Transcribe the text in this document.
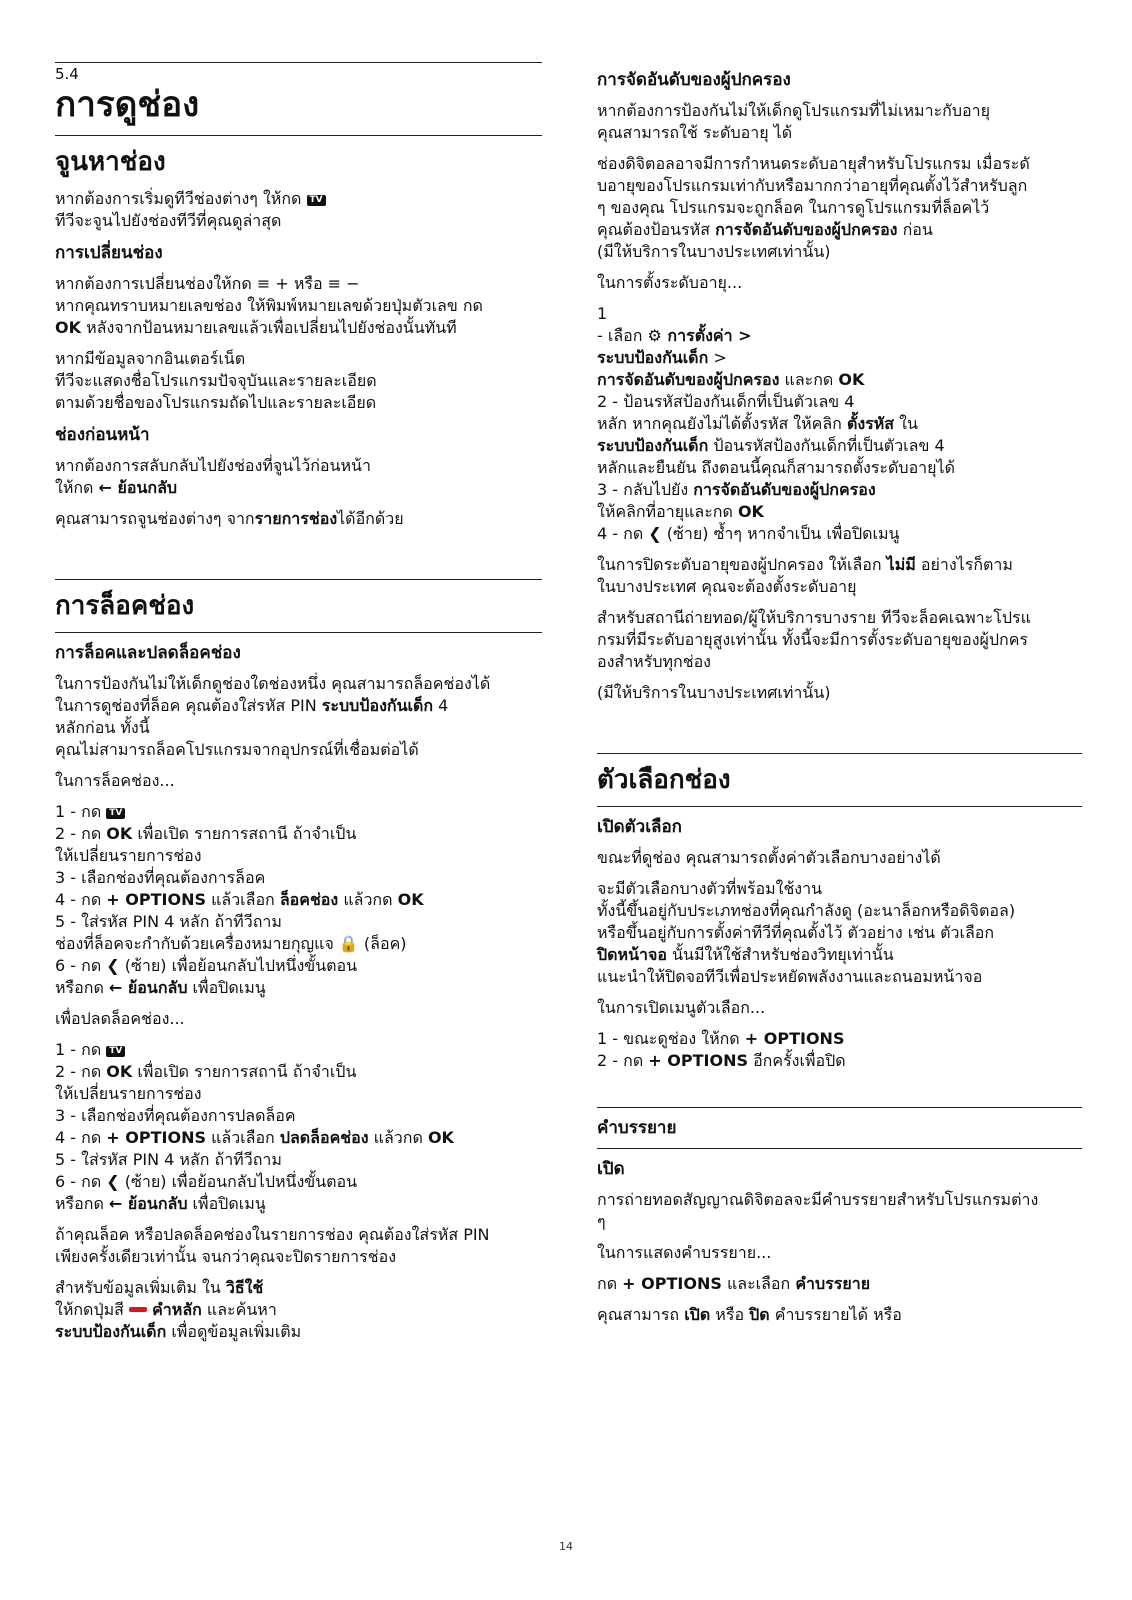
5.4
การดูช่อง
จูนหาช่อง
หากต้องการเริ่มดูทีวีช่องต่างๆ ให้กด TV
ทีวีจะจูนไปยังช่องทีวีที่คุณดูล่าสุด
การเปลี่ยนช่อง
หากต้องการเปลี่ยนช่องให้กด ≡ + หรือ ≡ −
หากคุณทราบหมายเลขช่อง ให้พิมพ์หมายเลขด้วยปุ่มตัวเลข กด
OK หลังจากป้อนหมายเลขแล้วเพื่อเปลี่ยนไปยังช่องนั้นทันที
หากมีข้อมูลจากอินเตอร์เน็ต
ทีวีจะแสดงชื่อโปรแกรมปัจจุบันและรายละเอียด
ตามด้วยชื่อของโปรแกรมถัดไปและรายละเอียด
ช่องก่อนหน้า
หากต้องการสลับกลับไปยังช่องที่จูนไว้ก่อนหน้า
ให้กด ← ย้อนกลับ
คุณสามารถจูนช่องต่างๆ จากรายการช่องได้อีกด้วย
การล็อคช่อง
การล็อคและปลดล็อคช่อง
ในการป้องกันไม่ให้เด็กดูช่องใดช่องหนึ่ง คุณสามารถล็อคช่องได้
ในการดูช่องที่ล็อค คุณต้องใส่รหัส PIN ระบบป้องกันเด็ก 4
หลักก่อน ทั้งนี้
คุณไม่สามารถล็อคโปรแกรมจากอุปกรณ์ที่เชื่อมต่อได้
ในการล็อคช่อง...
1 - กด TV
2 - กด OK เพื่อเปิด รายการสถานี ถ้าจำเป็น
ให้เปลี่ยนรายการช่อง
3 - เลือกช่องที่คุณต้องการล็อค
4 - กด + OPTIONS แล้วเลือก ล็อคช่อง แล้วกด OK
5 - ใส่รหัส PIN 4 หลัก ถ้าทีวีถาม
ช่องที่ล็อคจะกำกับด้วยเครื่องหมายกุญแจ 🔒 (ล็อค)
6 - กด ❮ (ซ้าย) เพื่อย้อนกลับไปหนึ่งขั้นตอน
หรือกด ← ย้อนกลับ เพื่อปิดเมนู
เพื่อปลดล็อคช่อง...
1 - กด TV
2 - กด OK เพื่อเปิด รายการสถานี ถ้าจำเป็น
ให้เปลี่ยนรายการช่อง
3 - เลือกช่องที่คุณต้องการปลดล็อค
4 - กด + OPTIONS แล้วเลือก ปลดล็อคช่อง แล้วกด OK
5 - ใส่รหัส PIN 4 หลัก ถ้าทีวีถาม
6 - กด ❮ (ซ้าย) เพื่อย้อนกลับไปหนึ่งขั้นตอน
หรือกด ← ย้อนกลับ เพื่อปิดเมนู
ถ้าคุณล็อค หรือปลดล็อคช่องในรายการช่อง คุณต้องใส่รหัส PIN
เพียงครั้งเดียวเท่านั้น จนกว่าคุณจะปิดรายการช่อง
สำหรับข้อมูลเพิ่มเติม ใน วิธีใช้
ให้กดปุ่มสี  คำหลัก และค้นหา
ระบบป้องกันเด็ก เพื่อดูข้อมูลเพิ่มเติม
การจัดอันดับของผู้ปกครอง
หากต้องการป้องกันไม่ให้เด็กดูโปรแกรมที่ไม่เหมาะกับอายุ
คุณสามารถใช้ ระดับอายุ ได้
ช่องดิจิตอลอาจมีการกำหนดระดับอายุสำหรับโปรแกรม เมื่อระดั
บอายุของโปรแกรมเท่ากับหรือมากกว่าอายุที่คุณตั้งไว้สำหรับลูก
ๆ ของคุณ โปรแกรมจะถูกล็อค ในการดูโปรแกรมที่ล็อคไว้
คุณต้องป้อนรหัส การจัดอันดับของผู้ปกครอง ก่อน
(มีให้บริการในบางประเทศเท่านั้น)
ในการตั้งระดับอายุ...
1
- เลือก ⚙ การตั้งค่า >
ระบบป้องกันเด็ก >
การจัดอันดับของผู้ปกครอง และกด OK
2 - ป้อนรหัสป้องกันเด็กที่เป็นตัวเลข 4
หลัก หากคุณยังไม่ได้ตั้งรหัส ให้คลิก ตั้งรหัส ใน
ระบบป้องกันเด็ก ป้อนรหัสป้องกันเด็กที่เป็นตัวเลข 4
หลักและยืนยัน ถึงตอนนี้คุณก็สามารถตั้งระดับอายุได้
3 - กลับไปยัง การจัดอันดับของผู้ปกครอง
ให้คลิกที่อายุและกด OK
4 - กด ❮ (ซ้าย) ซ้ำๆ หากจำเป็น เพื่อปิดเมนู
ในการปิดระดับอายุของผู้ปกครอง ให้เลือก ไม่มี อย่างไรก็ตาม
ในบางประเทศ คุณจะต้องตั้งระดับอายุ
สำหรับสถานีถ่ายทอด/ผู้ให้บริการบางราย ทีวีจะล็อคเฉพาะโปรแ
กรมที่มีระดับอายุสูงเท่านั้น ทั้งนี้จะมีการตั้งระดับอายุของผู้ปกคร
องสำหรับทุกช่อง
(มีให้บริการในบางประเทศเท่านั้น)
ตัวเลือกช่อง
เปิดตัวเลือก
ขณะที่ดูช่อง คุณสามารถตั้งค่าตัวเลือกบางอย่างได้
จะมีตัวเลือกบางตัวที่พร้อมใช้งาน
ทั้งนี้ขึ้นอยู่กับประเภทช่องที่คุณกำลังดู (อะนาล็อกหรือดิจิตอล)
หรือขึ้นอยู่กับการตั้งค่าทีวีที่คุณตั้งไว้ ตัวอย่าง เช่น ตัวเลือก
ปิดหน้าจอ นั้นมีให้ใช้สำหรับช่องวิทยุเท่านั้น
แนะนำให้ปิดจอทีวีเพื่อประหยัดพลังงานและถนอมหน้าจอ
ในการเปิดเมนูตัวเลือก...
1 - ขณะดูช่อง ให้กด + OPTIONS
2 - กด + OPTIONS อีกครั้งเพื่อปิด
คำบรรยาย
เปิด
การถ่ายทอดสัญญาณดิจิตอลจะมีคำบรรยายสำหรับโปรแกรมต่าง
ๆ
ในการแสดงคำบรรยาย...
กด + OPTIONS และเลือก คำบรรยาย
คุณสามารถ เปิด หรือ ปิด คำบรรยายได้ หรือ
14
